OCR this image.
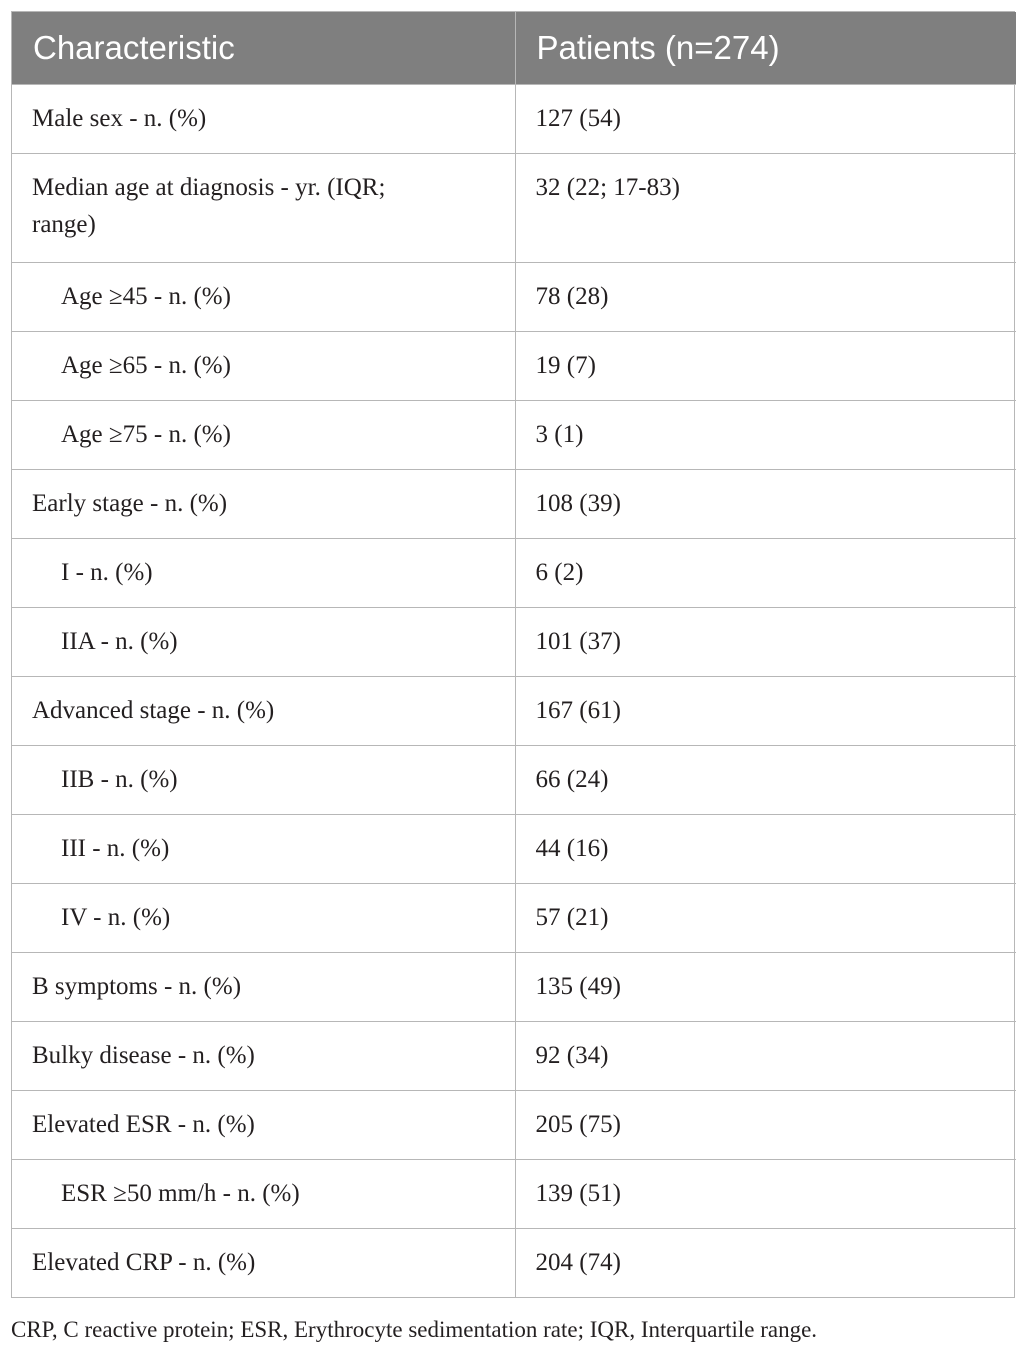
Characteristic	Patients (n=274)
Male sex - n. (%)	127 (54)

Median age at diagnosis - yr. (IQR; range)	32 (22; 17-83)
Age ≥45 - n. (%)	78 (28)
Age ≥65 - n. (%)	19 (7)
Age ≥75 - n. (%)	3 (1)
Early stage - n. (%)	108 (39)
I - n. (%)	6 (2)
IIA - n. (%)	101 (37)
Advanced stage - n. (%)	167 (61)
IIB - n. (%)	66 (24)
III - n. (%)	44 (16)
IV - n. (%)	57 (21)
B symptoms - n. (%)	135 (49)
Bulky disease - n. (%)	92 (34)
Elevated ESR - n. (%)	205 (75)
ESR ≥50 mm/h - n. (%)	139 (51)
Elevated CRP - n. (%)	204 (74)
CRP, C reactive protein; ESR, Erythrocyte sedimentation rate; IQR, Interquartile range.
